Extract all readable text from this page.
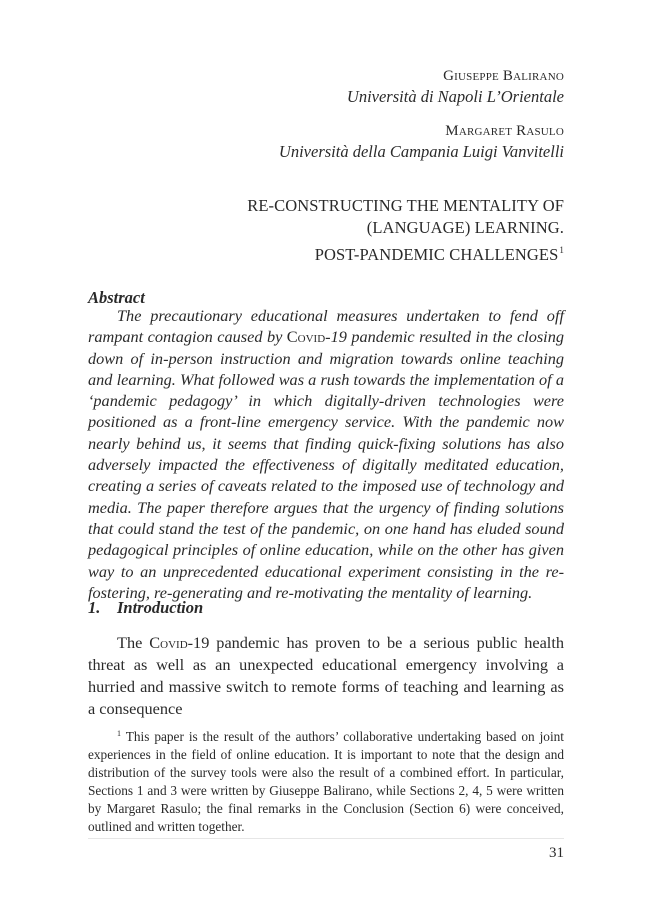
Giuseppe Balirano
Università di Napoli L’Orientale
Margaret Rasulo
Università della Campania Luigi Vanvitelli
RE-CONSTRUCTING THE MENTALITY OF
(LANGUAGE) LEARNING.
POST-PANDEMIC CHALLENGES$^1$
Abstract

The precautionary educational measures undertaken to fend off rampant contagion caused by Covid-19 pandemic resulted in the closing down of in-person instruction and migration towards online teaching and learning. What followed was a rush towards the implementation of a ‘pandemic pedagogy’ in which digitally-driven technologies were positioned as a front-line emergency service. With the pandemic now nearly behind us, it seems that finding quick-fixing solutions has also adversely impacted the effectiveness of digitally meditated education, creating a series of caveats related to the imposed use of technology and media. The paper therefore argues that the urgency of finding solutions that could stand the test of the pandemic, on one hand has eluded sound pedagogical principles of online education, while on the other has given way to an unprecedented educational experiment consisting in the re-fostering, re-generating and re-motivating the mentality of learning.

1. Introduction

The Covid-19 pandemic has proven to be a serious public health threat as well as an unexpected educational emergency involving a hurried and massive switch to remote forms of teaching and learning as a consequence

$^1$ This paper is the result of the authors’ collaborative undertaking based on joint experiences in the field of online education. It is important to note that the design and distribution of the survey tools were also the result of a combined effort. In particular, Sections 1 and 3 were written by Giuseppe Balirano, while Sections 2, 4, 5 were written by Margaret Rasulo; the final remarks in the Conclusion (Section 6) were conceived, outlined and written together.

31
